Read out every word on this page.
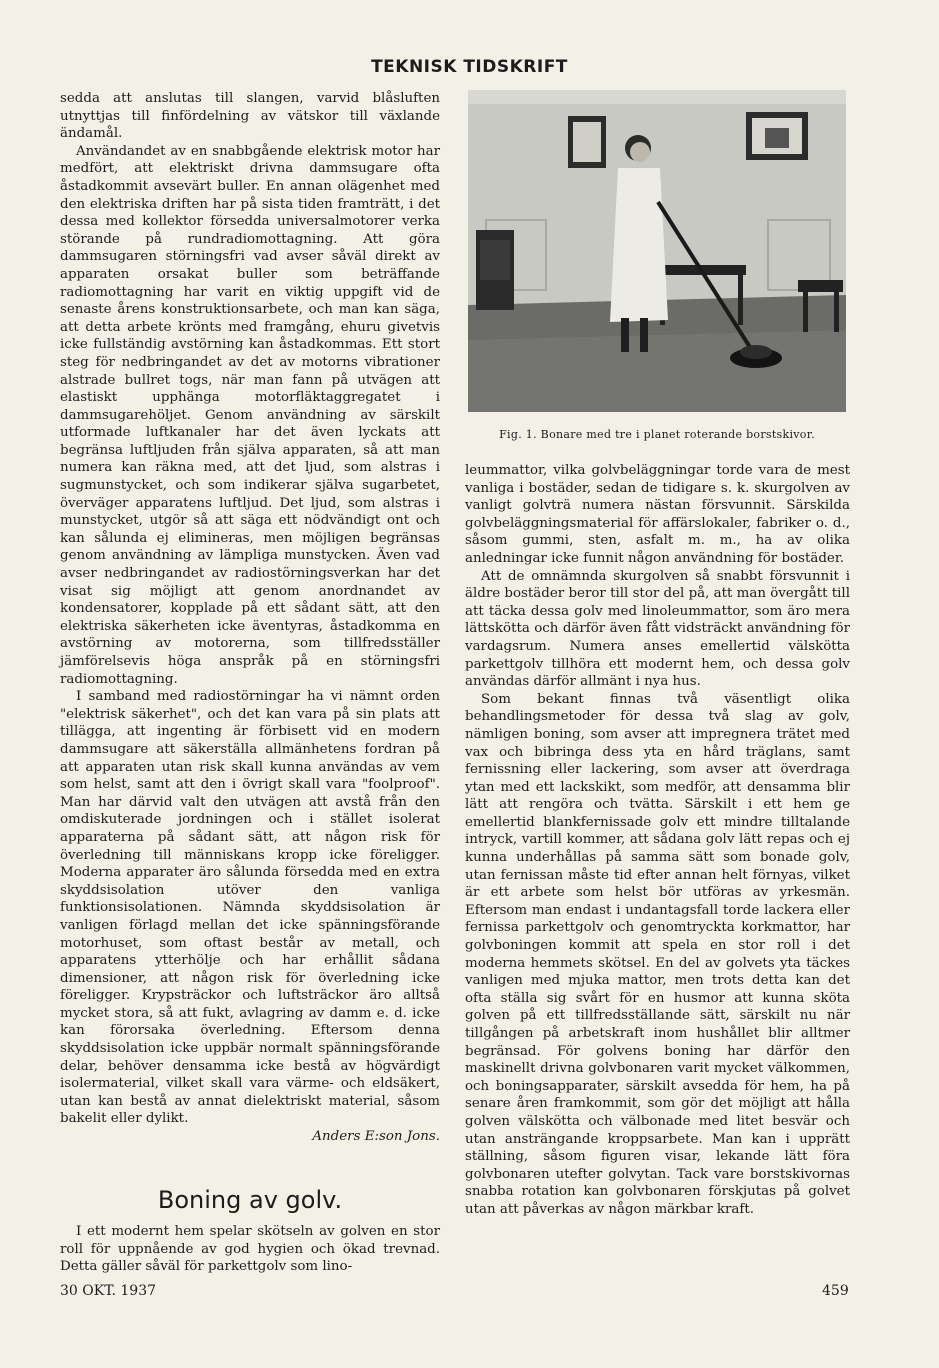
TEKNISK TIDSKRIFT

sedda att anslutas till slangen, varvid blåsluften utnyttjas till finfördelning av vätskor till växlande ändamål.

Användandet av en snabbgående elektrisk motor har medfört, att elektriskt drivna dammsugare ofta åstadkommit avsevärt buller. En annan olägenhet med den elektriska driften har på sista tiden framträtt, i det dessa med kollektor försedda universalmotorer verka störande på rundradiomottagning. Att göra dammsugaren störningsfri vad avser såväl direkt av apparaten orsakat buller som beträffande radiomottagning har varit en viktig uppgift vid de senaste årens konstruktionsarbete, och man kan säga, att detta arbete krönts med framgång, ehuru givetvis icke fullständig avstörning kan åstadkommas. Ett stort steg för nedbringandet av det av motorns vibrationer alstrade bullret togs, när man fann på utvägen att elastiskt upphänga motorfläktaggregatet i dammsugarehöljet. Genom användning av särskilt utformade luftkanaler har det även lyckats att begränsa luftljuden från själva apparaten, så att man numera kan räkna med, att det ljud, som alstras i sugmunstycket, och som indikerar själva sugarbetet, överväger apparatens luftljud. Det ljud, som alstras i munstycket, utgör så att säga ett nödvändigt ont och kan sålunda ej elimineras, men möjligen begränsas genom användning av lämpliga munstycken. Även vad avser nedbringandet av radiostörningsverkan har det visat sig möjligt att genom anordnandet av kondensatorer, kopplade på ett sådant sätt, att den elektriska säkerheten icke äventyras, åstadkomma en avstörning av motorerna, som tillfredsställer jämförelsevis höga anspråk på en störningsfri radiomottagning.

I samband med radiostörningar ha vi nämnt orden "elektrisk säkerhet", och det kan vara på sin plats att tillägga, att ingenting är förbisett vid en modern dammsugare att säkerställa allmänhetens fordran på att apparaten utan risk skall kunna användas av vem som helst, samt att den i övrigt skall vara "foolproof". Man har därvid valt den utvägen att avstå från den omdiskuterade jordningen och i stället isolerat apparaterna på sådant sätt, att någon risk för överledning till människans kropp icke föreligger. Moderna apparater äro sålunda försedda med en extra skyddsisolation utöver den vanliga funktionsisolationen. Nämnda skyddsisolation är vanligen förlagd mellan det icke spänningsförande motorhuset, som oftast består av metall, och apparatens ytterhölje och har erhållit sådana dimensioner, att någon risk för överledning icke föreligger. Krypsträckor och luftsträckor äro alltså mycket stora, så att fukt, avlagring av damm e. d. icke kan förorsaka överledning. Eftersom denna skyddsisolation icke uppbär normalt spänningsförande delar, behöver densamma icke bestå av högvärdigt isolermaterial, vilket skall vara värme- och eldsäkert, utan kan bestå av annat dielektriskt material, såsom bakelit eller dylikt.

Anders E:son Jons.

Boning av golv.

I ett modernt hem spelar skötseln av golven en stor roll för uppnående av god hygien och ökad trevnad. Detta gäller såväl för parkettgolv som lino-

Fig. 1. Bonare med tre i planet roterande borstskivor.

leummattor, vilka golvbeläggningar torde vara de mest vanliga i bostäder, sedan de tidigare s. k. skurgolven av vanligt golvträ numera nästan försvunnit. Särskilda golvbeläggningsmaterial för affärslokaler, fabriker o. d., såsom gummi, sten, asfalt m. m., ha av olika anledningar icke funnit någon användning för bostäder.

Att de omnämnda skurgolven så snabbt försvunnit i äldre bostäder beror till stor del på, att man övergått till att täcka dessa golv med linoleummattor, som äro mera lättskötta och därför även fått vidsträckt användning för vardagsrum. Numera anses emellertid välskötta parkettgolv tillhöra ett modernt hem, och dessa golv användas därför allmänt i nya hus.

Som bekant finnas två väsentligt olika behandlingsmetoder för dessa två slag av golv, nämligen boning, som avser att impregnera trätet med vax och bibringa dess yta en hård träglans, samt fernissning eller lackering, som avser att överdraga ytan med ett lackskikt, som medför, att densamma blir lätt att rengöra och tvätta. Särskilt i ett hem ge emellertid blankfernissade golv ett mindre tilltalande intryck, vartill kommer, att sådana golv lätt repas och ej kunna underhållas på samma sätt som bonade golv, utan fernissan måste tid efter annan helt förnyas, vilket är ett arbete som helst bör utföras av yrkesmän. Eftersom man endast i undantagsfall torde lackera eller fernissa parkettgolv och genomtryckta korkmattor, har golvboningen kommit att spela en stor roll i det moderna hemmets skötsel. En del av golvets yta täckes vanligen med mjuka mattor, men trots detta kan det ofta ställa sig svårt för en husmor att kunna sköta golven på ett tillfredsställande sätt, särskilt nu när tillgången på arbetskraft inom hushållet blir alltmer begränsad. För golvens boning har därför den maskinellt drivna golvbonaren varit mycket välkommen, och boningsapparater, särskilt avsedda för hem, ha på senare åren framkommit, som gör det möjligt att hålla golven välskötta och välbonade med litet besvär och utan ansträngande kroppsarbete. Man kan i upprätt ställning, såsom figuren visar, lekande lätt föra golvbonaren utefter golvytan. Tack vare borstskivornas snabba rotation kan golvbonaren förskjutas på golvet utan att påverkas av någon märkbar kraft.

30 OKT. 1937	459
